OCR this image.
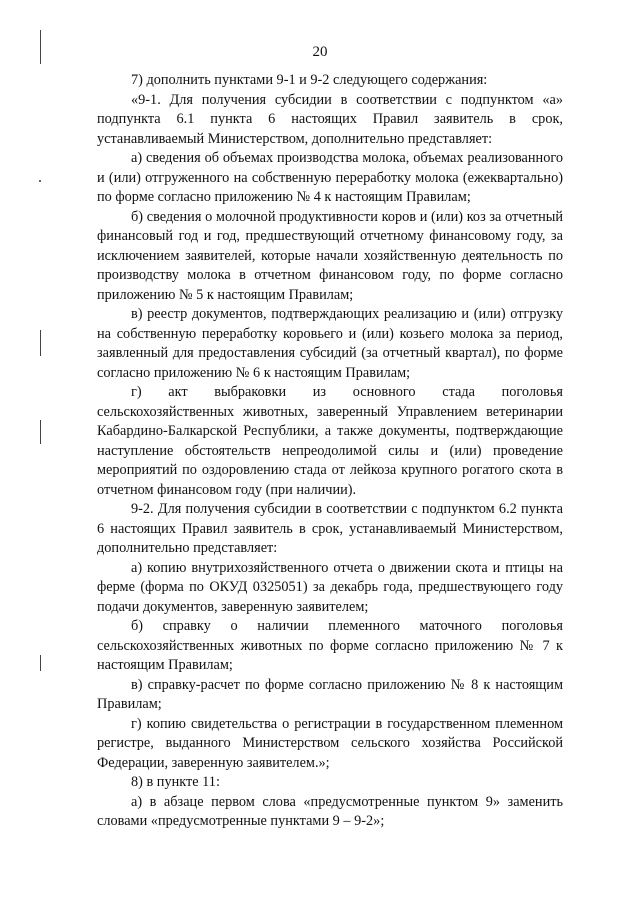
20

7) дополнить пунктами 9-1 и 9-2 следующего содержания:

«9-1. Для получения субсидии в соответствии с подпунктом «а» подпункта 6.1 пункта 6 настоящих Правил заявитель в срок, устанавливаемый Министерством, дополнительно представляет:

а) сведения об объемах производства молока, объемах реализованного и (или) отгруженного на собственную переработку молока (ежеквартально) по форме согласно приложению № 4 к настоящим Правилам;

б) сведения о молочной продуктивности коров и (или) коз за отчетный финансовый год и год, предшествующий отчетному финансовому году, за исключением заявителей, которые начали хозяйственную деятельность по производству молока в отчетном финансовом году, по форме согласно приложению № 5 к настоящим Правилам;

в) реестр документов, подтверждающих реализацию и (или) отгрузку на собственную переработку коровьего и (или) козьего молока за период, заявленный для предоставления субсидий (за отчетный квартал), по форме согласно приложению № 6 к настоящим Правилам;

г) акт выбраковки из основного стада поголовья сельскохозяйственных животных, заверенный Управлением ветеринарии Кабардино-Балкарской Республики, а также документы, подтверждающие наступление обстоятельств непреодолимой силы и (или) проведение мероприятий по оздоровлению стада от лейкоза крупного рогатого скота в отчетном финансовом году (при наличии).

9-2. Для получения субсидии в соответствии с подпунктом 6.2 пункта 6 настоящих Правил заявитель в срок, устанавливаемый Министерством, дополнительно представляет:

а) копию внутрихозяйственного отчета о движении скота и птицы на ферме (форма по ОКУД 0325051) за декабрь года, предшествующего году подачи документов, заверенную заявителем;

б) справку о наличии племенного маточного поголовья сельскохозяйственных животных по форме согласно приложению № 7 к настоящим Правилам;

в) справку-расчет по форме согласно приложению № 8 к настоящим Правилам;

г) копию свидетельства о регистрации в государственном племенном регистре, выданного Министерством сельского хозяйства Российской Федерации, заверенную заявителем.»;

8) в пункте 11:

а) в абзаце первом слова «предусмотренные пунктом 9» заменить словами «предусмотренные пунктами 9 – 9-2»;
